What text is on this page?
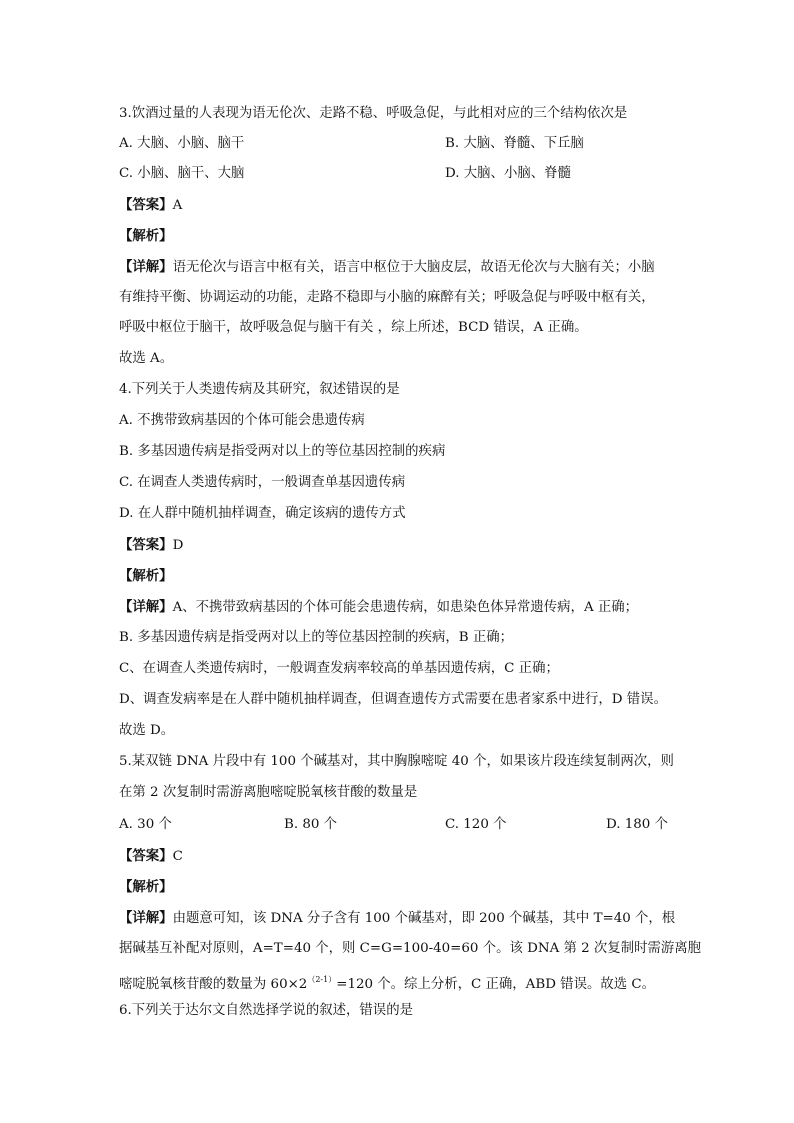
3.饮酒过量的人表现为语无伦次、走路不稳、呼吸急促，与此相对应的三个结构依次是
A. 大脑、小脑、脑干	B. 大脑、脊髓、下丘脑
C. 小脑、脑干、大脑	D. 大脑、小脑、脊髓
【答案】A
【解析】
【详解】语无伦次与语言中枢有关，语言中枢位于大脑皮层，故语无伦次与大脑有关；小脑
有维持平衡、协调运动的功能，走路不稳即与小脑的麻醉有关；呼吸急促与呼吸中枢有关，
呼吸中枢位于脑干，故呼吸急促与脑干有关 ，综上所述，BCD 错误，A 正确。
故选 A。
4.下列关于人类遗传病及其研究，叙述错误的是
A. 不携带致病基因的个体可能会患遗传病
B. 多基因遗传病是指受两对以上的等位基因控制的疾病
C. 在调查人类遗传病时，一般调查单基因遗传病
D. 在人群中随机抽样调查，确定该病的遗传方式
【答案】D
【解析】
【详解】A、不携带致病基因的个体可能会患遗传病，如患染色体异常遗传病，A 正确；
B. 多基因遗传病是指受两对以上的等位基因控制的疾病，B 正确；
C、在调查人类遗传病时，一般调查发病率较高的单基因遗传病，C 正确；
D、调查发病率是在人群中随机抽样调查，但调查遗传方式需要在患者家系中进行，D 错误。
故选 D。
5.某双链 DNA 片段中有 100 个碱基对，其中胸腺嘧啶 40 个，如果该片段连续复制两次，则
在第 2 次复制时需游离胞嘧啶脱氧核苷酸的数量是
A. 30 个	B. 80 个	C. 120 个	D. 180 个
【答案】C
【解析】
【详解】由题意可知，该 DNA 分子含有 100 个碱基对，即 200 个碱基，其中 T=40 个，根
据碱基互补配对原则，A=T=40 个，则 C=G=100-40=60 个。该 DNA 第 2 次复制时需游离胞
嘧啶脱氧核苷酸的数量为 $60\times 2^{(2-1)}=120$ 个。综上分析，C 正确，ABD 错误。故选 C。
6.下列关于达尔文自然选择学说的叙述，错误的是
